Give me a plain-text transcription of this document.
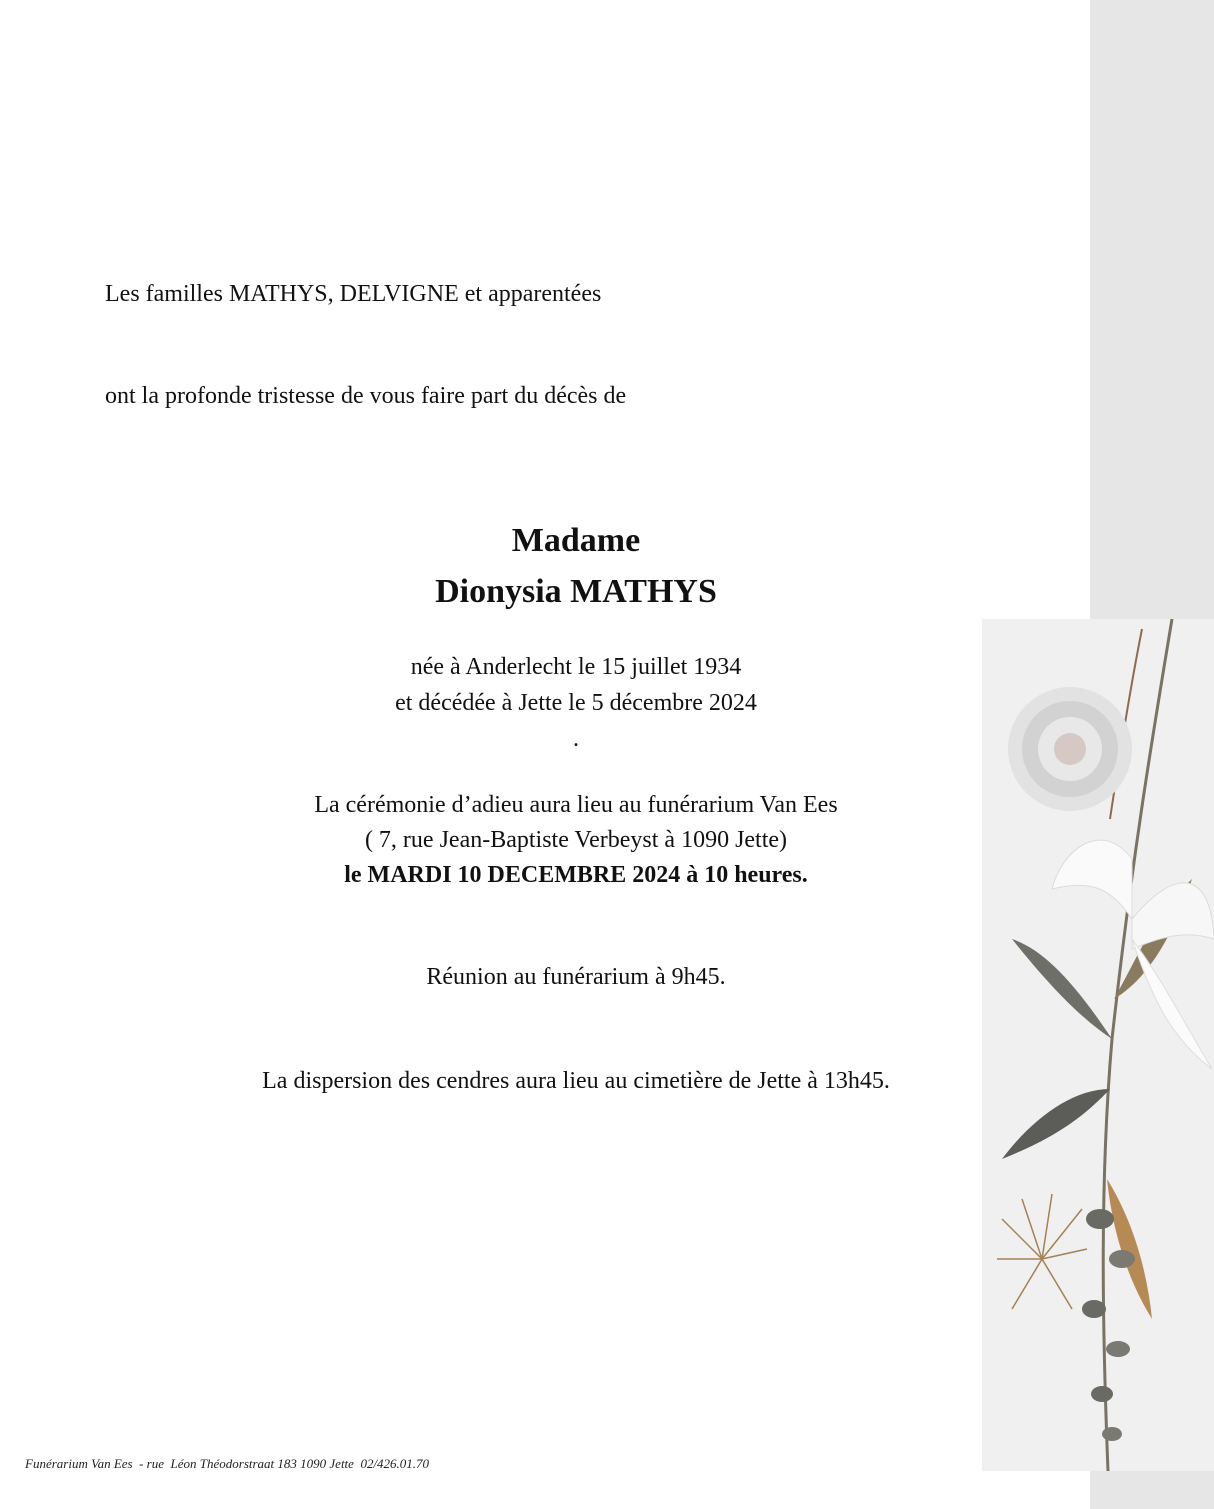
Les familles MATHYS, DELVIGNE et apparentées
ont la profonde tristesse de vous faire part du décès de
Madame
Dionysia MATHYS
née à Anderlecht le 15 juillet 1934
et décédée à Jette le 5 décembre 2024
.
La cérémonie d’adieu aura lieu au funérarium Van Ees
( 7, rue Jean-Baptiste Verbeyst à 1090 Jette)
le MARDI 10 DECEMBRE 2024 à 10 heures.
Réunion au funérarium à 9h45.
La dispersion des cendres aura lieu au cimetière de Jette à 13h45.
Funérarium Van Ees  - rue  Léon Théodorstraat 183 1090 Jette  02/426.01.70
